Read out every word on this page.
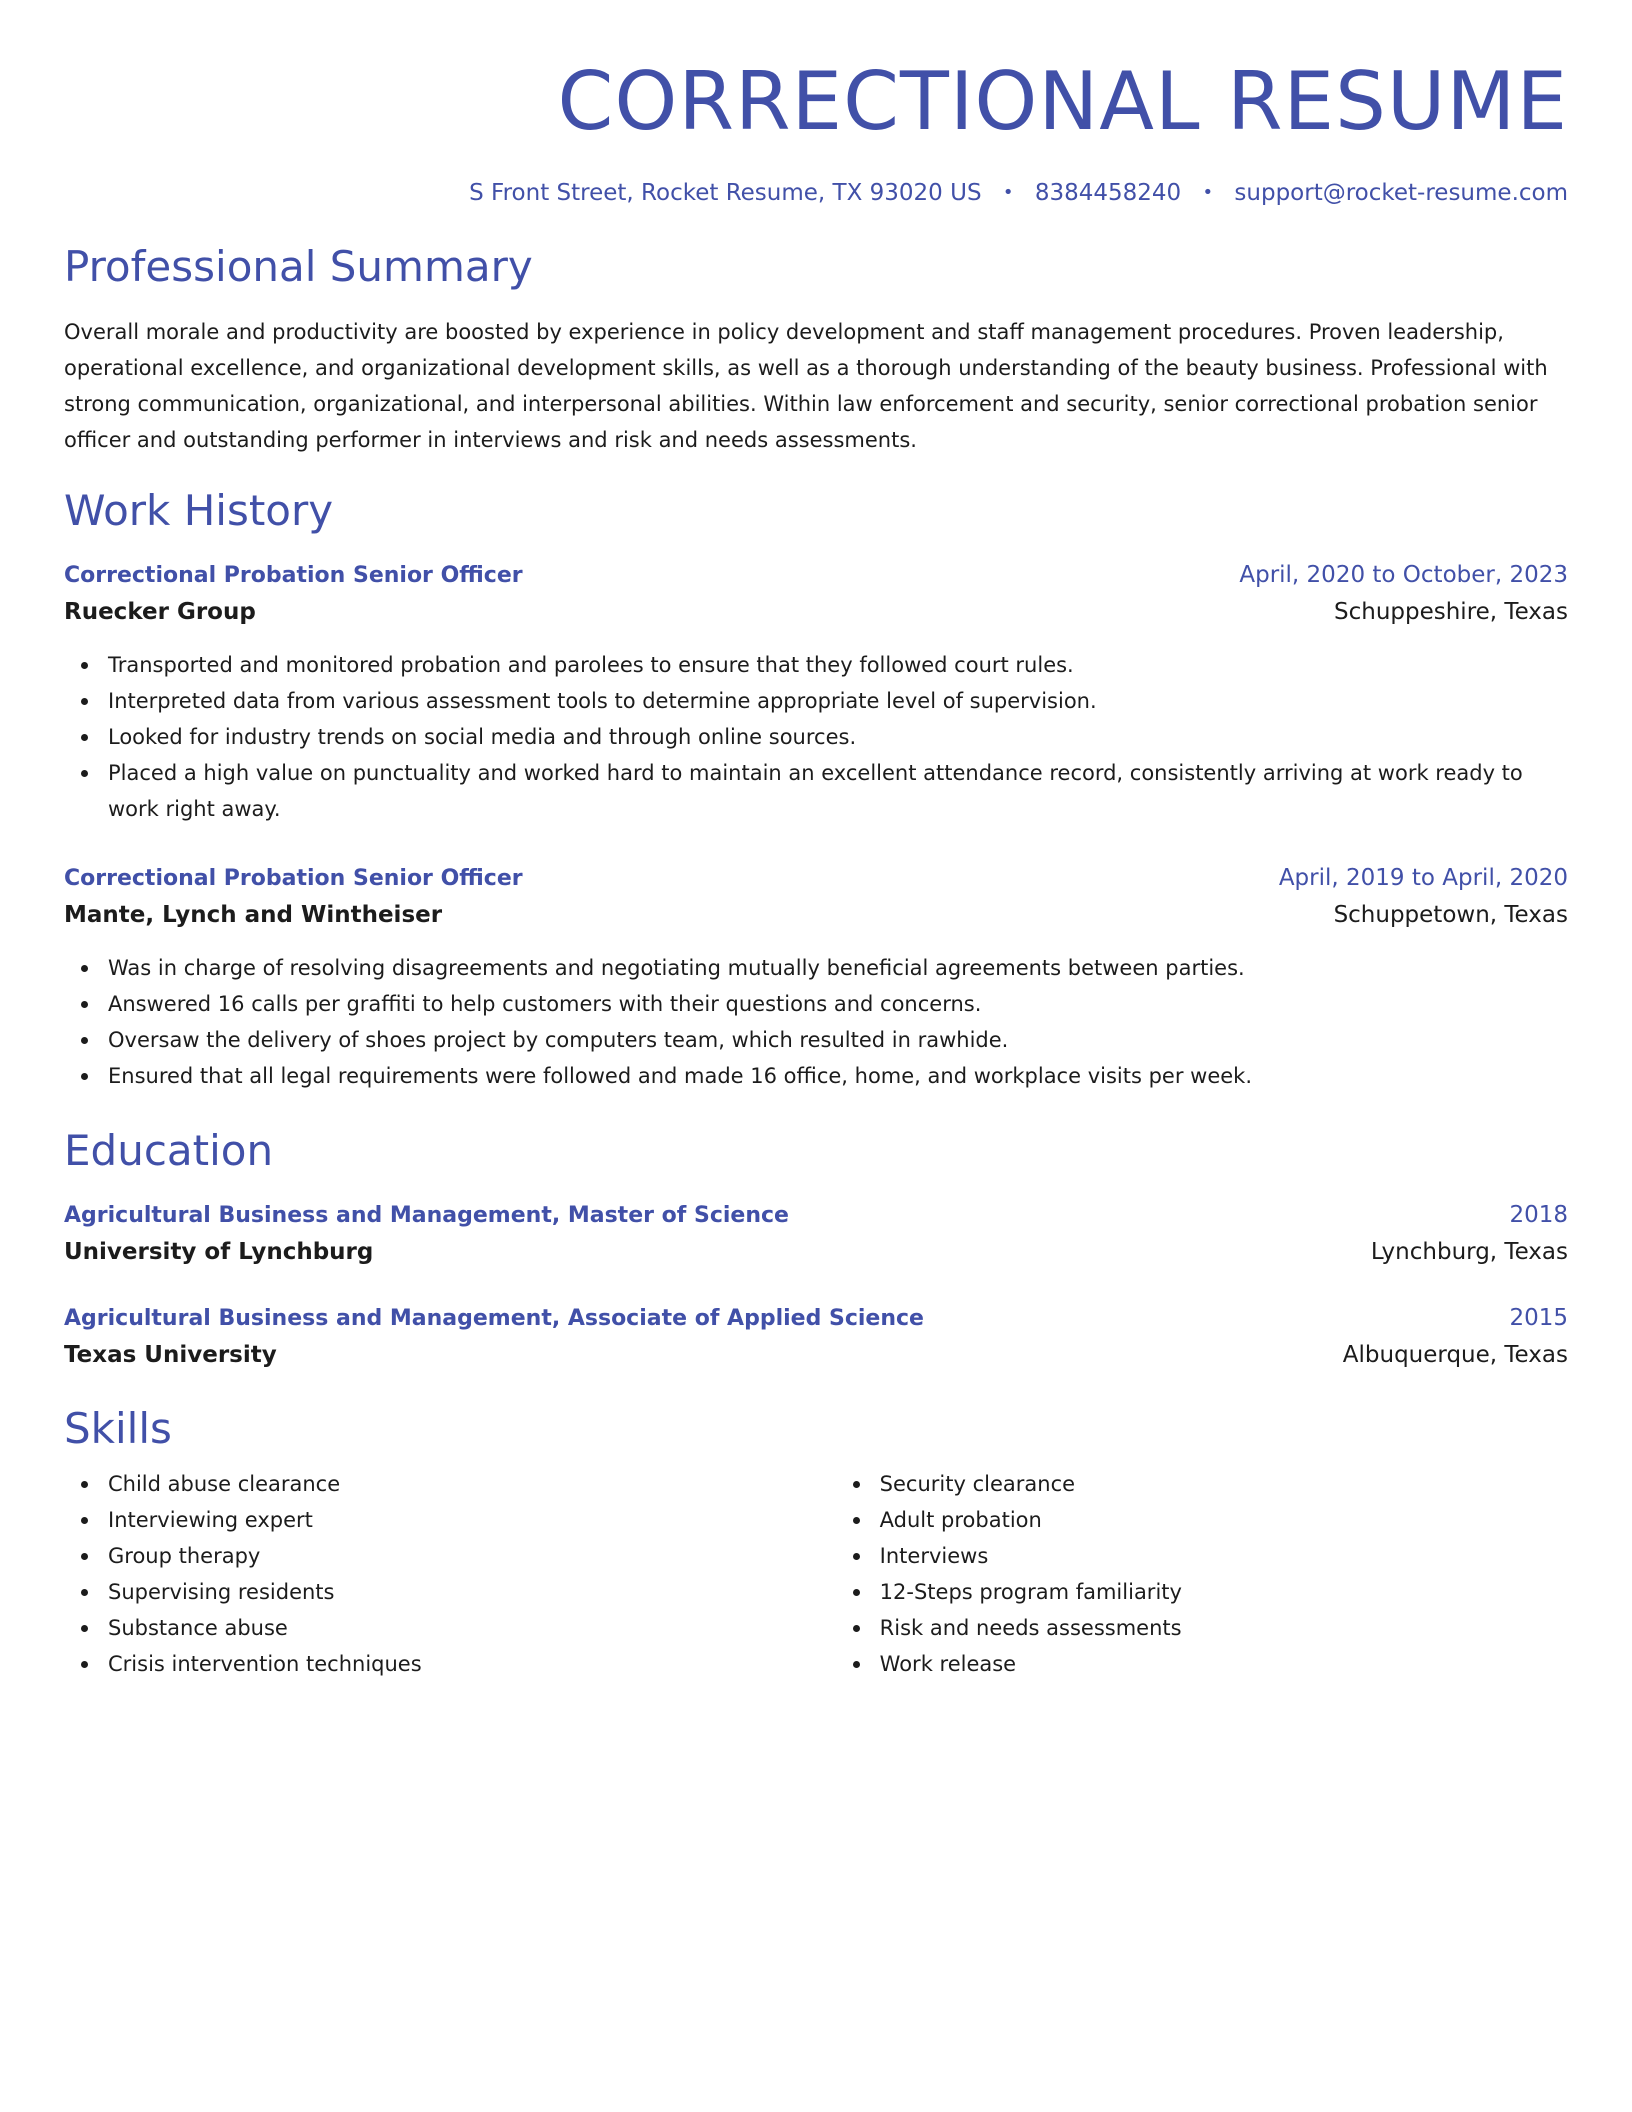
CORRECTIONAL RESUME
S Front Street, Rocket Resume, TX 93020 US • 8384458240 • support@rocket-resume.com
Professional Summary

Overall morale and productivity are boosted by experience in policy development and staff management procedures. Proven leadership, operational excellence, and organizational development skills, as well as a thorough understanding of the beauty business. Professional with strong communication, organizational, and interpersonal abilities. Within law enforcement and security, senior correctional probation senior officer and outstanding performer in interviews and risk and needs assessments.

Work History
Correctional Probation Senior Officer	April, 2020 to October, 2023
Ruecker Group	Schuppeshire, Texas
Transported and monitored probation and parolees to ensure that they followed court rules.
Interpreted data from various assessment tools to determine appropriate level of supervision.
Looked for industry trends on social media and through online sources.
Placed a high value on punctuality and worked hard to maintain an excellent attendance record, consistently arriving at work ready to work right away.
Correctional Probation Senior Officer	April, 2019 to April, 2020
Mante, Lynch and Wintheiser	Schuppetown, Texas
Was in charge of resolving disagreements and negotiating mutually beneficial agreements between parties.
Answered 16 calls per graffiti to help customers with their questions and concerns.
Oversaw the delivery of shoes project by computers team, which resulted in rawhide.
Ensured that all legal requirements were followed and made 16 office, home, and workplace visits per week.
Education
Agricultural Business and Management, Master of Science	2018
University of Lynchburg	Lynchburg, Texas
Agricultural Business and Management, Associate of Applied Science	2015
Texas University	Albuquerque, Texas
Skills
Child abuse clearance
Interviewing expert
Group therapy
Supervising residents
Substance abuse
Crisis intervention techniques
Security clearance
Adult probation
Interviews
12-Steps program familiarity
Risk and needs assessments
Work release
